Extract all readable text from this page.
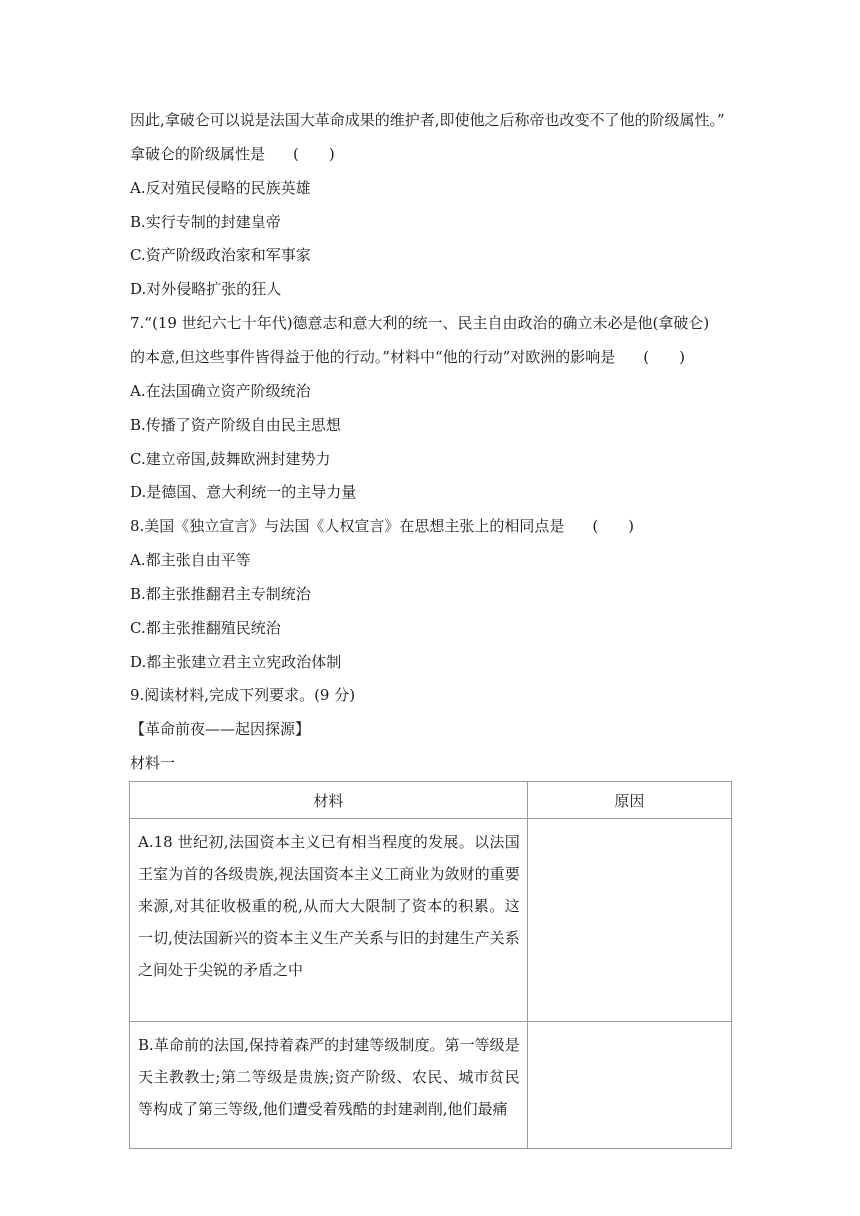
因此,拿破仑可以说是法国大革命成果的维护者,即使他之后称帝也改变不了他的阶级属性。”
拿破仑的阶级属性是 (　　)
A.反对殖民侵略的民族英雄
B.实行专制的封建皇帝
C.资产阶级政治家和军事家
D.对外侵略扩张的狂人
7.“(19 世纪六七十年代)德意志和意大利的统一、民主自由政治的确立未必是他(拿破仑)
的本意,但这些事件皆得益于他的行动。”材料中“他的行动”对欧洲的影响是 (　　)
A.在法国确立资产阶级统治
B.传播了资产阶级自由民主思想
C.建立帝国,鼓舞欧洲封建势力
D.是德国、意大利统一的主导力量
8.美国《独立宣言》与法国《人权宣言》在思想主张上的相同点是 (　　)
A.都主张自由平等
B.都主张推翻君主专制统治
C.都主张推翻殖民统治
D.都主张建立君主立宪政治体制
9.阅读材料,完成下列要求。(9 分)
【革命前夜——起因探源】
材料一
材料	原因

A.18 世纪初,法国资本主义已有相当程度的发展。以法国王室为首的各级贵族,视法国资本主义工商业为敛财的重要来源,对其征收极重的税,从而大大限制了资本的积累。这一切,使法国新兴的资本主义生产关系与旧的封建生产关系之间处于尖锐的矛盾之中	

B.革命前的法国,保持着森严的封建等级制度。第一等级是天主教教士;第二等级是贵族;资产阶级、农民、城市贫民等构成了第三等级,他们遭受着残酷的封建剥削,他们最痛	
